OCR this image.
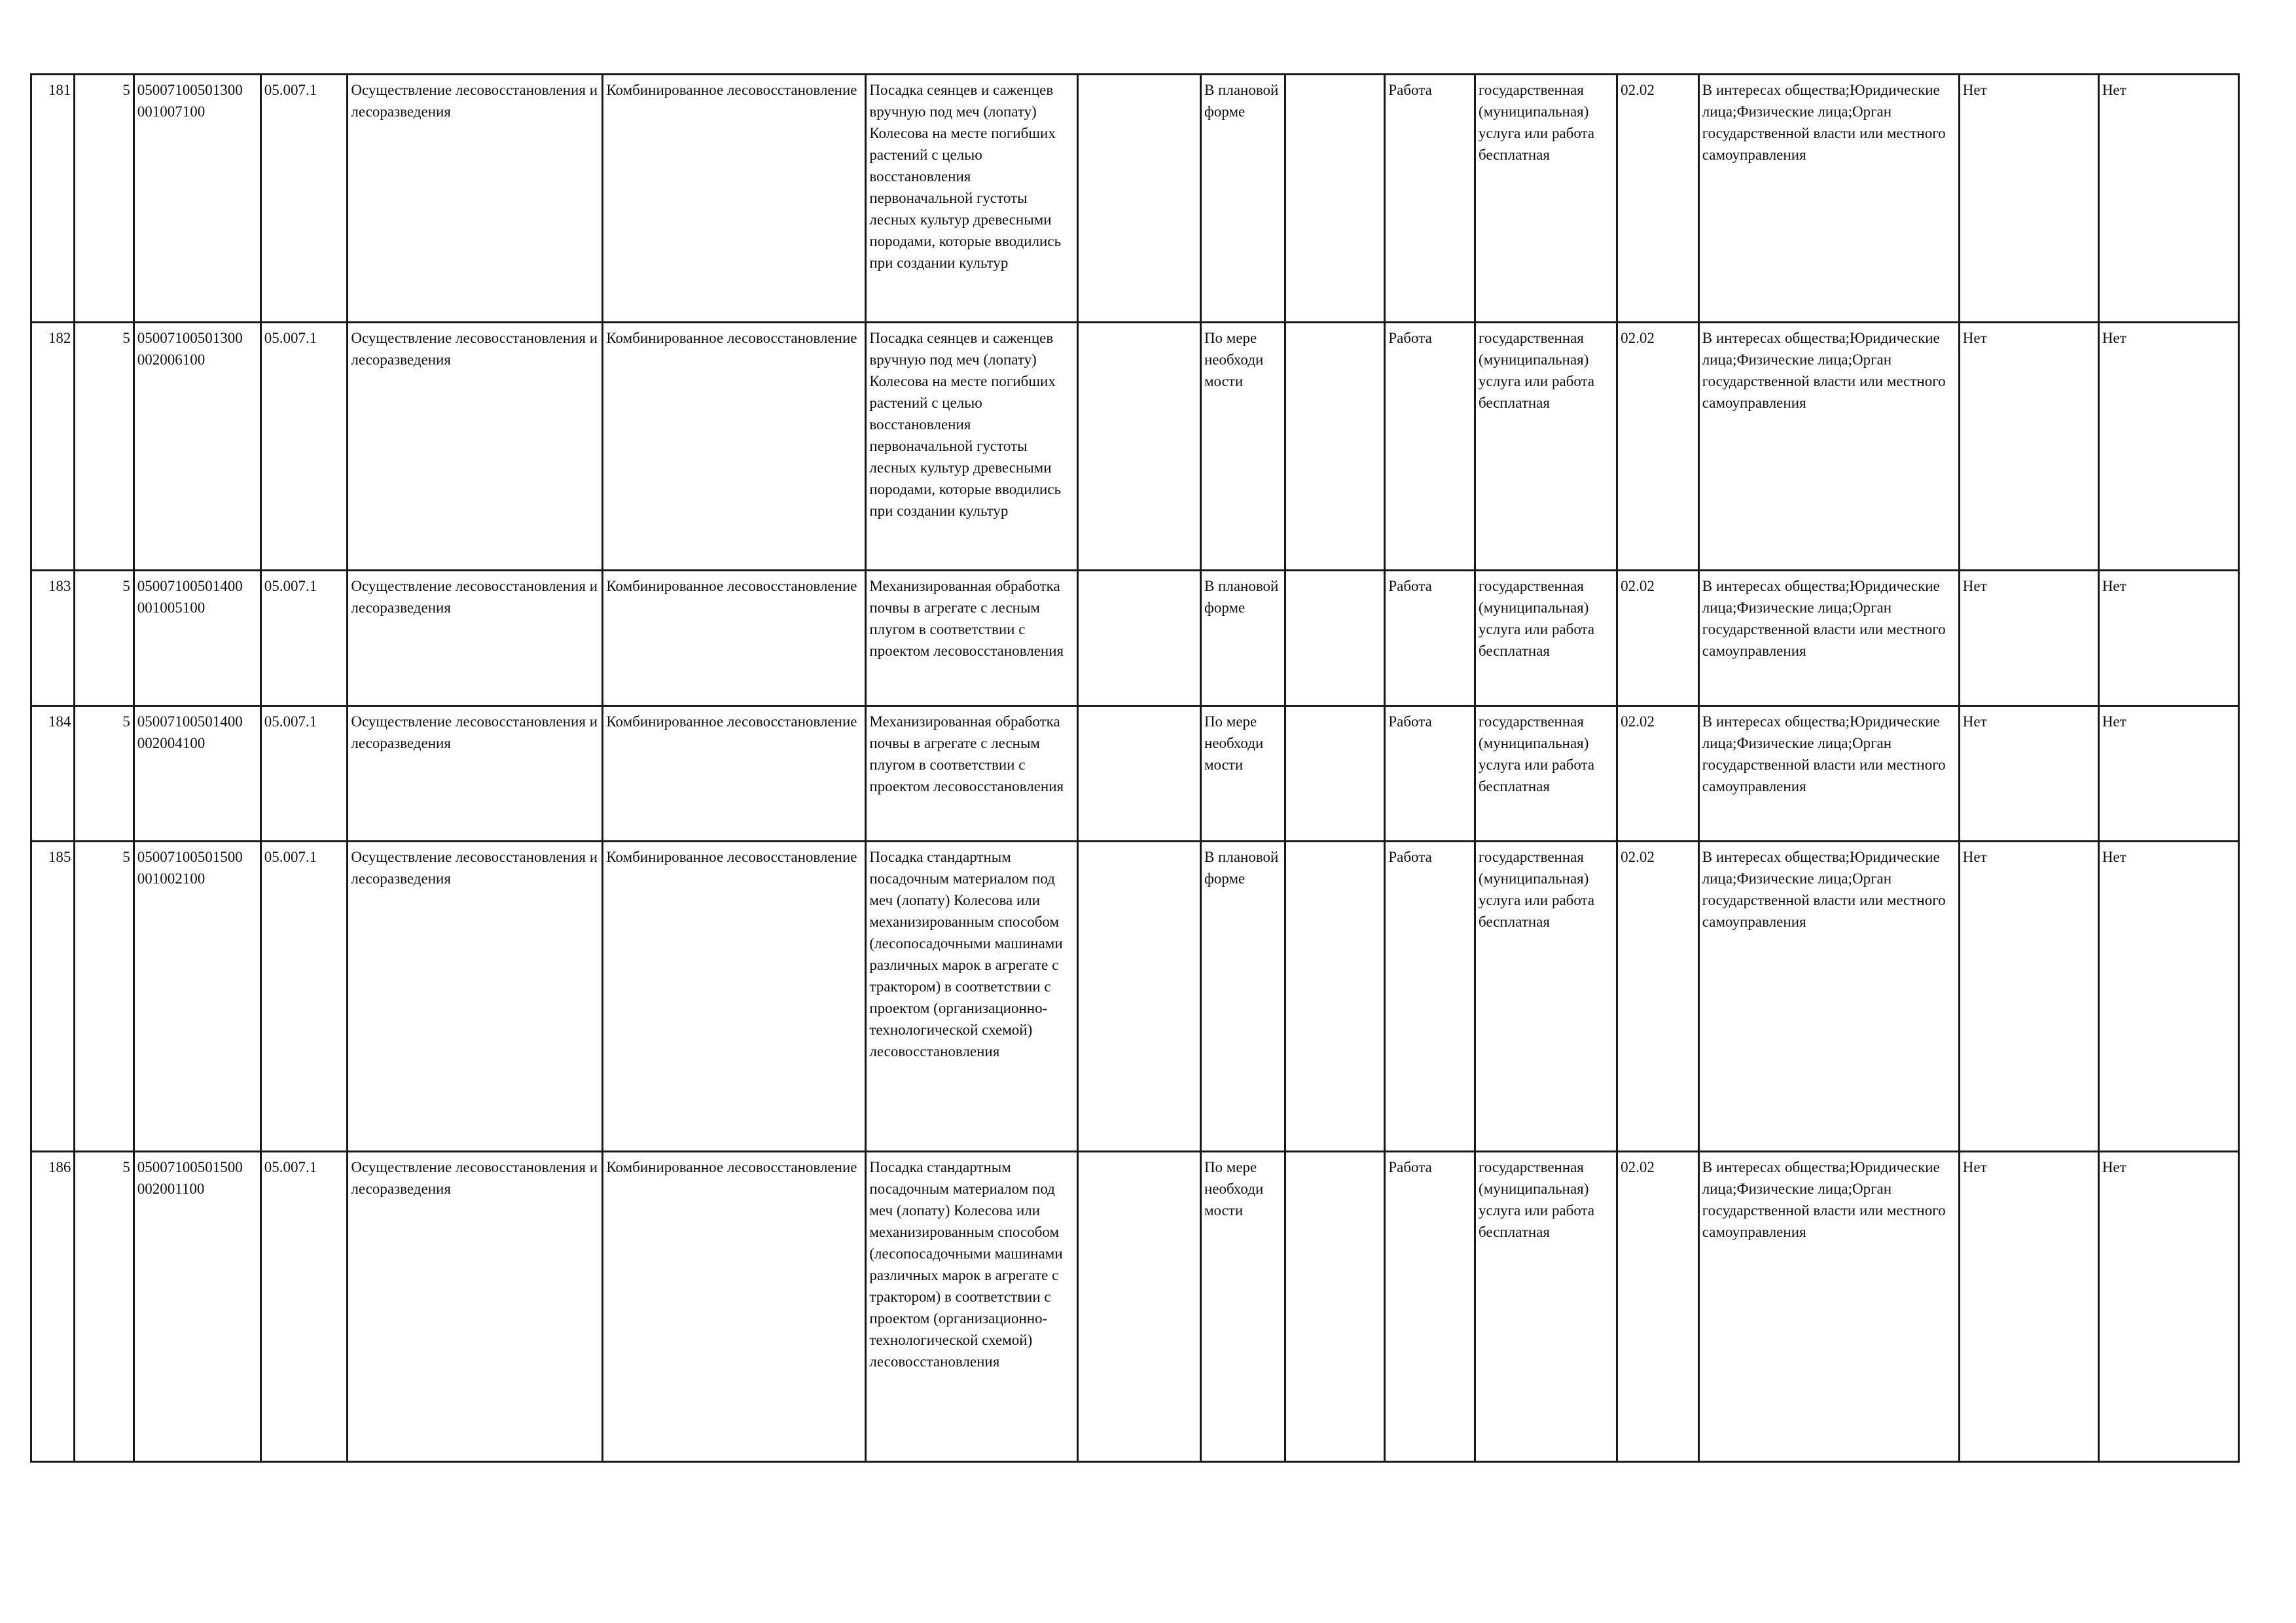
181	5	05007100501300 001007100	05.007.1	Осуществление лесовосстановления и лесоразведения	Комбинированное лесовосстановление	Посадка сеянцев и саженцев вручную под меч (лопату) Колесова на месте погибших растений с целью восстановления первоначальной густоты лесных культур древесными породами, которые вводились при создании культур		В плановой форме		Работа	государственная (муниципальная) услуга или работа бесплатная	02.02	В интересах общества;Юридические лица;Физические лица;Орган государственной власти или местного самоуправления	Нет	Нет
182	5	05007100501300 002006100	05.007.1	Осуществление лесовосстановления и лесоразведения	Комбинированное лесовосстановление	Посадка сеянцев и саженцев вручную под меч (лопату) Колесова на месте погибших растений с целью восстановления первоначальной густоты лесных культур древесными породами, которые вводились при создании культур		По мере необходи мости		Работа	государственная (муниципальная) услуга или работа бесплатная	02.02	В интересах общества;Юридические лица;Физические лица;Орган государственной власти или местного самоуправления	Нет	Нет
183	5	05007100501400 001005100	05.007.1	Осуществление лесовосстановления и лесоразведения	Комбинированное лесовосстановление	Механизированная обработка почвы в агрегате с лесным плугом в соответствии с проектом лесовосстановления		В плановой форме		Работа	государственная (муниципальная) услуга или работа бесплатная	02.02	В интересах общества;Юридические лица;Физические лица;Орган государственной власти или местного самоуправления	Нет	Нет
184	5	05007100501400 002004100	05.007.1	Осуществление лесовосстановления и лесоразведения	Комбинированное лесовосстановление	Механизированная обработка почвы в агрегате с лесным плугом в соответствии с проектом лесовосстановления		По мере необходи мости		Работа	государственная (муниципальная) услуга или работа бесплатная	02.02	В интересах общества;Юридические лица;Физические лица;Орган государственной власти или местного самоуправления	Нет	Нет
185	5	05007100501500 001002100	05.007.1	Осуществление лесовосстановления и лесоразведения	Комбинированное лесовосстановление	Посадка стандартным посадочным материалом под меч (лопату) Колесова или механизированным способом (лесопосадочными машинами различных марок в агрегате с трактором) в соответствии с проектом (организационно-технологической схемой) лесовосстановления		В плановой форме		Работа	государственная (муниципальная) услуга или работа бесплатная	02.02	В интересах общества;Юридические лица;Физические лица;Орган государственной власти или местного самоуправления	Нет	Нет
186	5	05007100501500 002001100	05.007.1	Осуществление лесовосстановления и лесоразведения	Комбинированное лесовосстановление	Посадка стандартным посадочным материалом под меч (лопату) Колесова или механизированным способом (лесопосадочными машинами различных марок в агрегате с трактором) в соответствии с проектом (организационно-технологической схемой) лесовосстановления		По мере необходи мости		Работа	государственная (муниципальная) услуга или работа бесплатная	02.02	В интересах общества;Юридические лица;Физические лица;Орган государственной власти или местного самоуправления	Нет	Нет
